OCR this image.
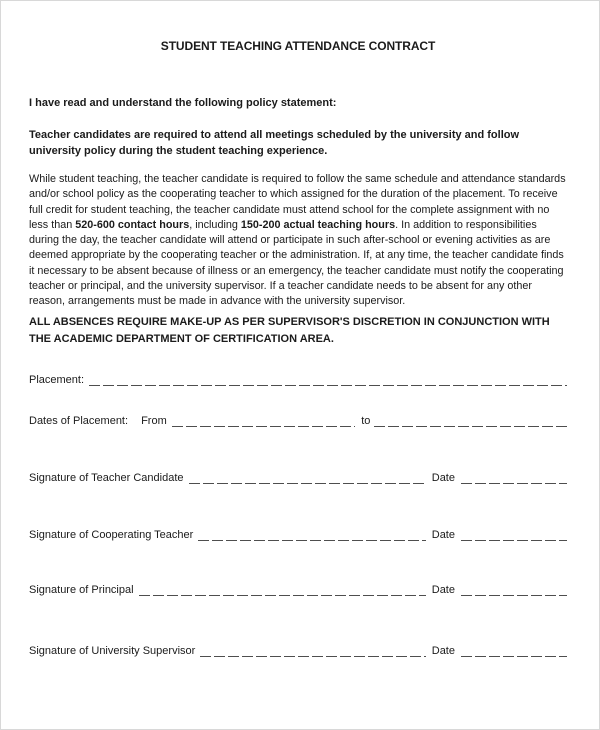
STUDENT TEACHING ATTENDANCE CONTRACT
I have read and understand the following policy statement:
Teacher candidates are required to attend all meetings scheduled by the university and follow university policy during the student teaching experience.
While student teaching, the teacher candidate is required to follow the same schedule and attendance standards and/or school policy as the cooperating teacher to which assigned for the duration of the placement. To receive full credit for student teaching, the teacher candidate must attend school for the complete assignment with no less than 520-600 contact hours, including 150-200 actual teaching hours. In addition to responsibilities during the day, the teacher candidate will attend or participate in such after-school or evening activities as are deemed appropriate by the cooperating teacher or the administration. If, at any time, the teacher candidate finds it necessary to be absent because of illness or an emergency, the teacher candidate must notify the cooperating teacher or principal, and the university supervisor. If a teacher candidate needs to be absent for any other reason, arrangements must be made in advance with the university supervisor.
ALL ABSENCES REQUIRE MAKE-UP AS PER SUPERVISOR'S DISCRETION IN CONJUNCTION WITH THE ACADEMIC DEPARTMENT OF CERTIFICATION AREA.
Placement:
Dates of Placement: From	to
Signature of Teacher Candidate	Date
Signature of Cooperating Teacher	Date
Signature of Principal	Date
Signature of University Supervisor	Date
